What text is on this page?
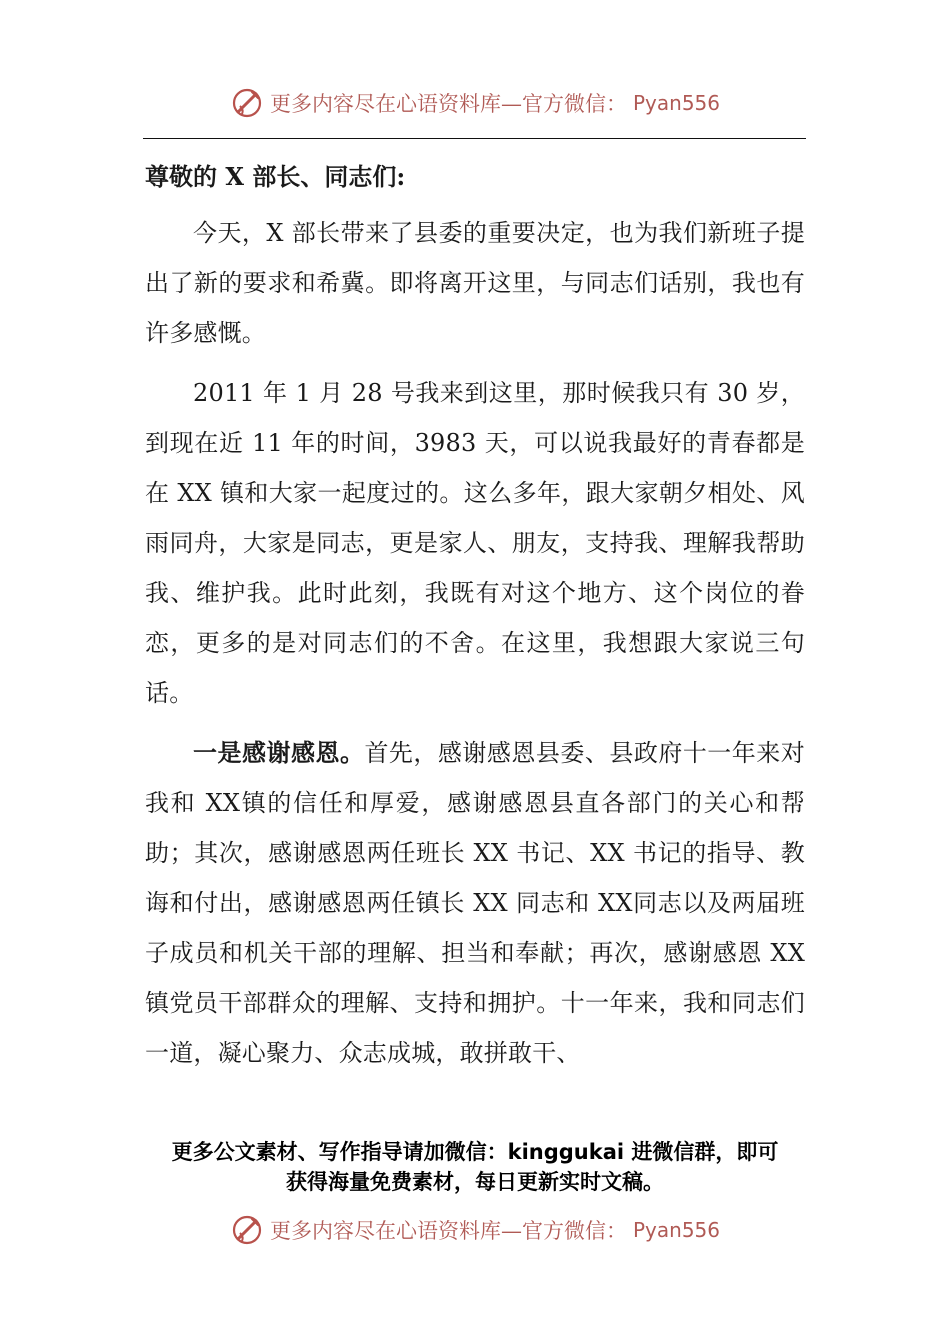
更多内容尽在心语资料库—官方微信： Pyan556
尊敬的 X 部长、同志们:

今天，X 部长带来了县委的重要决定，也为我们新班子提出了新的要求和希冀。即将离开这里，与同志们话别，我也有许多感慨。

2011 年 1 月 28 号我来到这里，那时候我只有 30 岁，到现在近 11 年的时间，3983 天，可以说我最好的青春都是在 XX 镇和大家一起度过的。这么多年，跟大家朝夕相处、风雨同舟，大家是同志，更是家人、朋友，支持我、理解我帮助我、维护我。此时此刻，我既有对这个地方、这个岗位的眷恋，更多的是对同志们的不舍。在这里，我想跟大家说三句话。

一是感谢感恩。首先，感谢感恩县委、县政府十一年来对我和 XX镇的信任和厚爱，感谢感恩县直各部门的关心和帮助；其次，感谢感恩两任班长 XX 书记、XX 书记的指导、教诲和付出，感谢感恩两任镇长 XX 同志和 XX同志以及两届班子成员和机关干部的理解、担当和奉献；再次，感谢感恩 XX镇党员干部群众的理解、支持和拥护。十一年来，我和同志们一道，凝心聚力、众志成城，敢拼敢干、

更多公文素材、写作指导请加微信：kinggukai 进微信群，即可
获得海量免费素材，每日更新实时文稿。
更多内容尽在心语资料库—官方微信： Pyan556
